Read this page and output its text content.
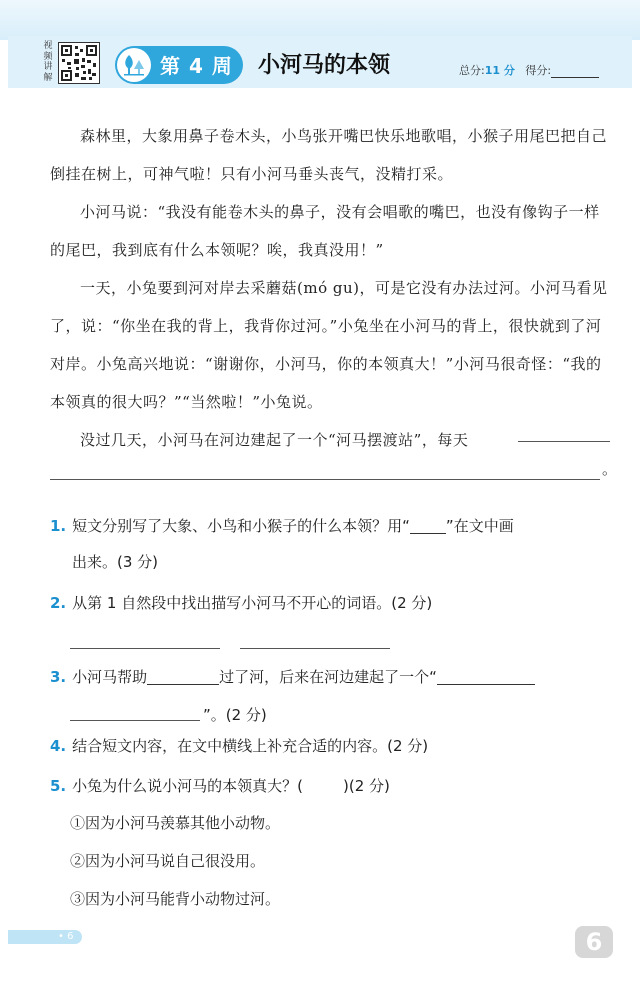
视频讲解	第 4 周 小河马的本领	总分:11 分 得分:

森林里，大象用鼻子卷木头，小鸟张开嘴巴快乐地歌唱，小猴子用尾巴把自己倒挂在树上，可神气啦！只有小河马垂头丧气，没精打采。

小河马说：“我没有能卷木头的鼻子，没有会唱歌的嘴巴，也没有像钩子一样的尾巴，我到底有什么本领呢？唉，我真没用！”

一天，小兔要到河对岸去采蘑菇(mó gu)，可是它没有办法过河。小河马看见了，说：“你坐在我的背上，我背你过河。”小兔坐在小河马的背上，很快就到了河对岸。小兔高兴地说：“谢谢你，小河马，你的本领真大！”小河马很奇怪：“我的本领真的很大吗？”“当然啦！”小兔说。

没过几天，小河马在河边建起了一个“河马摆渡站”，每天

。
1. 短文分别写了大象、小鸟和小猴子的什么本领？用“ ”在文中画
出来。(3 分)
2. 从第 1 自然段中找出描写小河马不开心的词语。(2 分)
3. 小河马帮助	过了河，后来在河边建起了一个“
”。(2 分)
4. 结合短文内容，在文中横线上补充合适的内容。(2 分)
5. 小兔为什么说小河马的本领真大？(	)(2 分)
①因为小河马羡慕其他小动物。
②因为小河马说自己很没用。
③因为小河马能背小动物过河。
• 6	6
